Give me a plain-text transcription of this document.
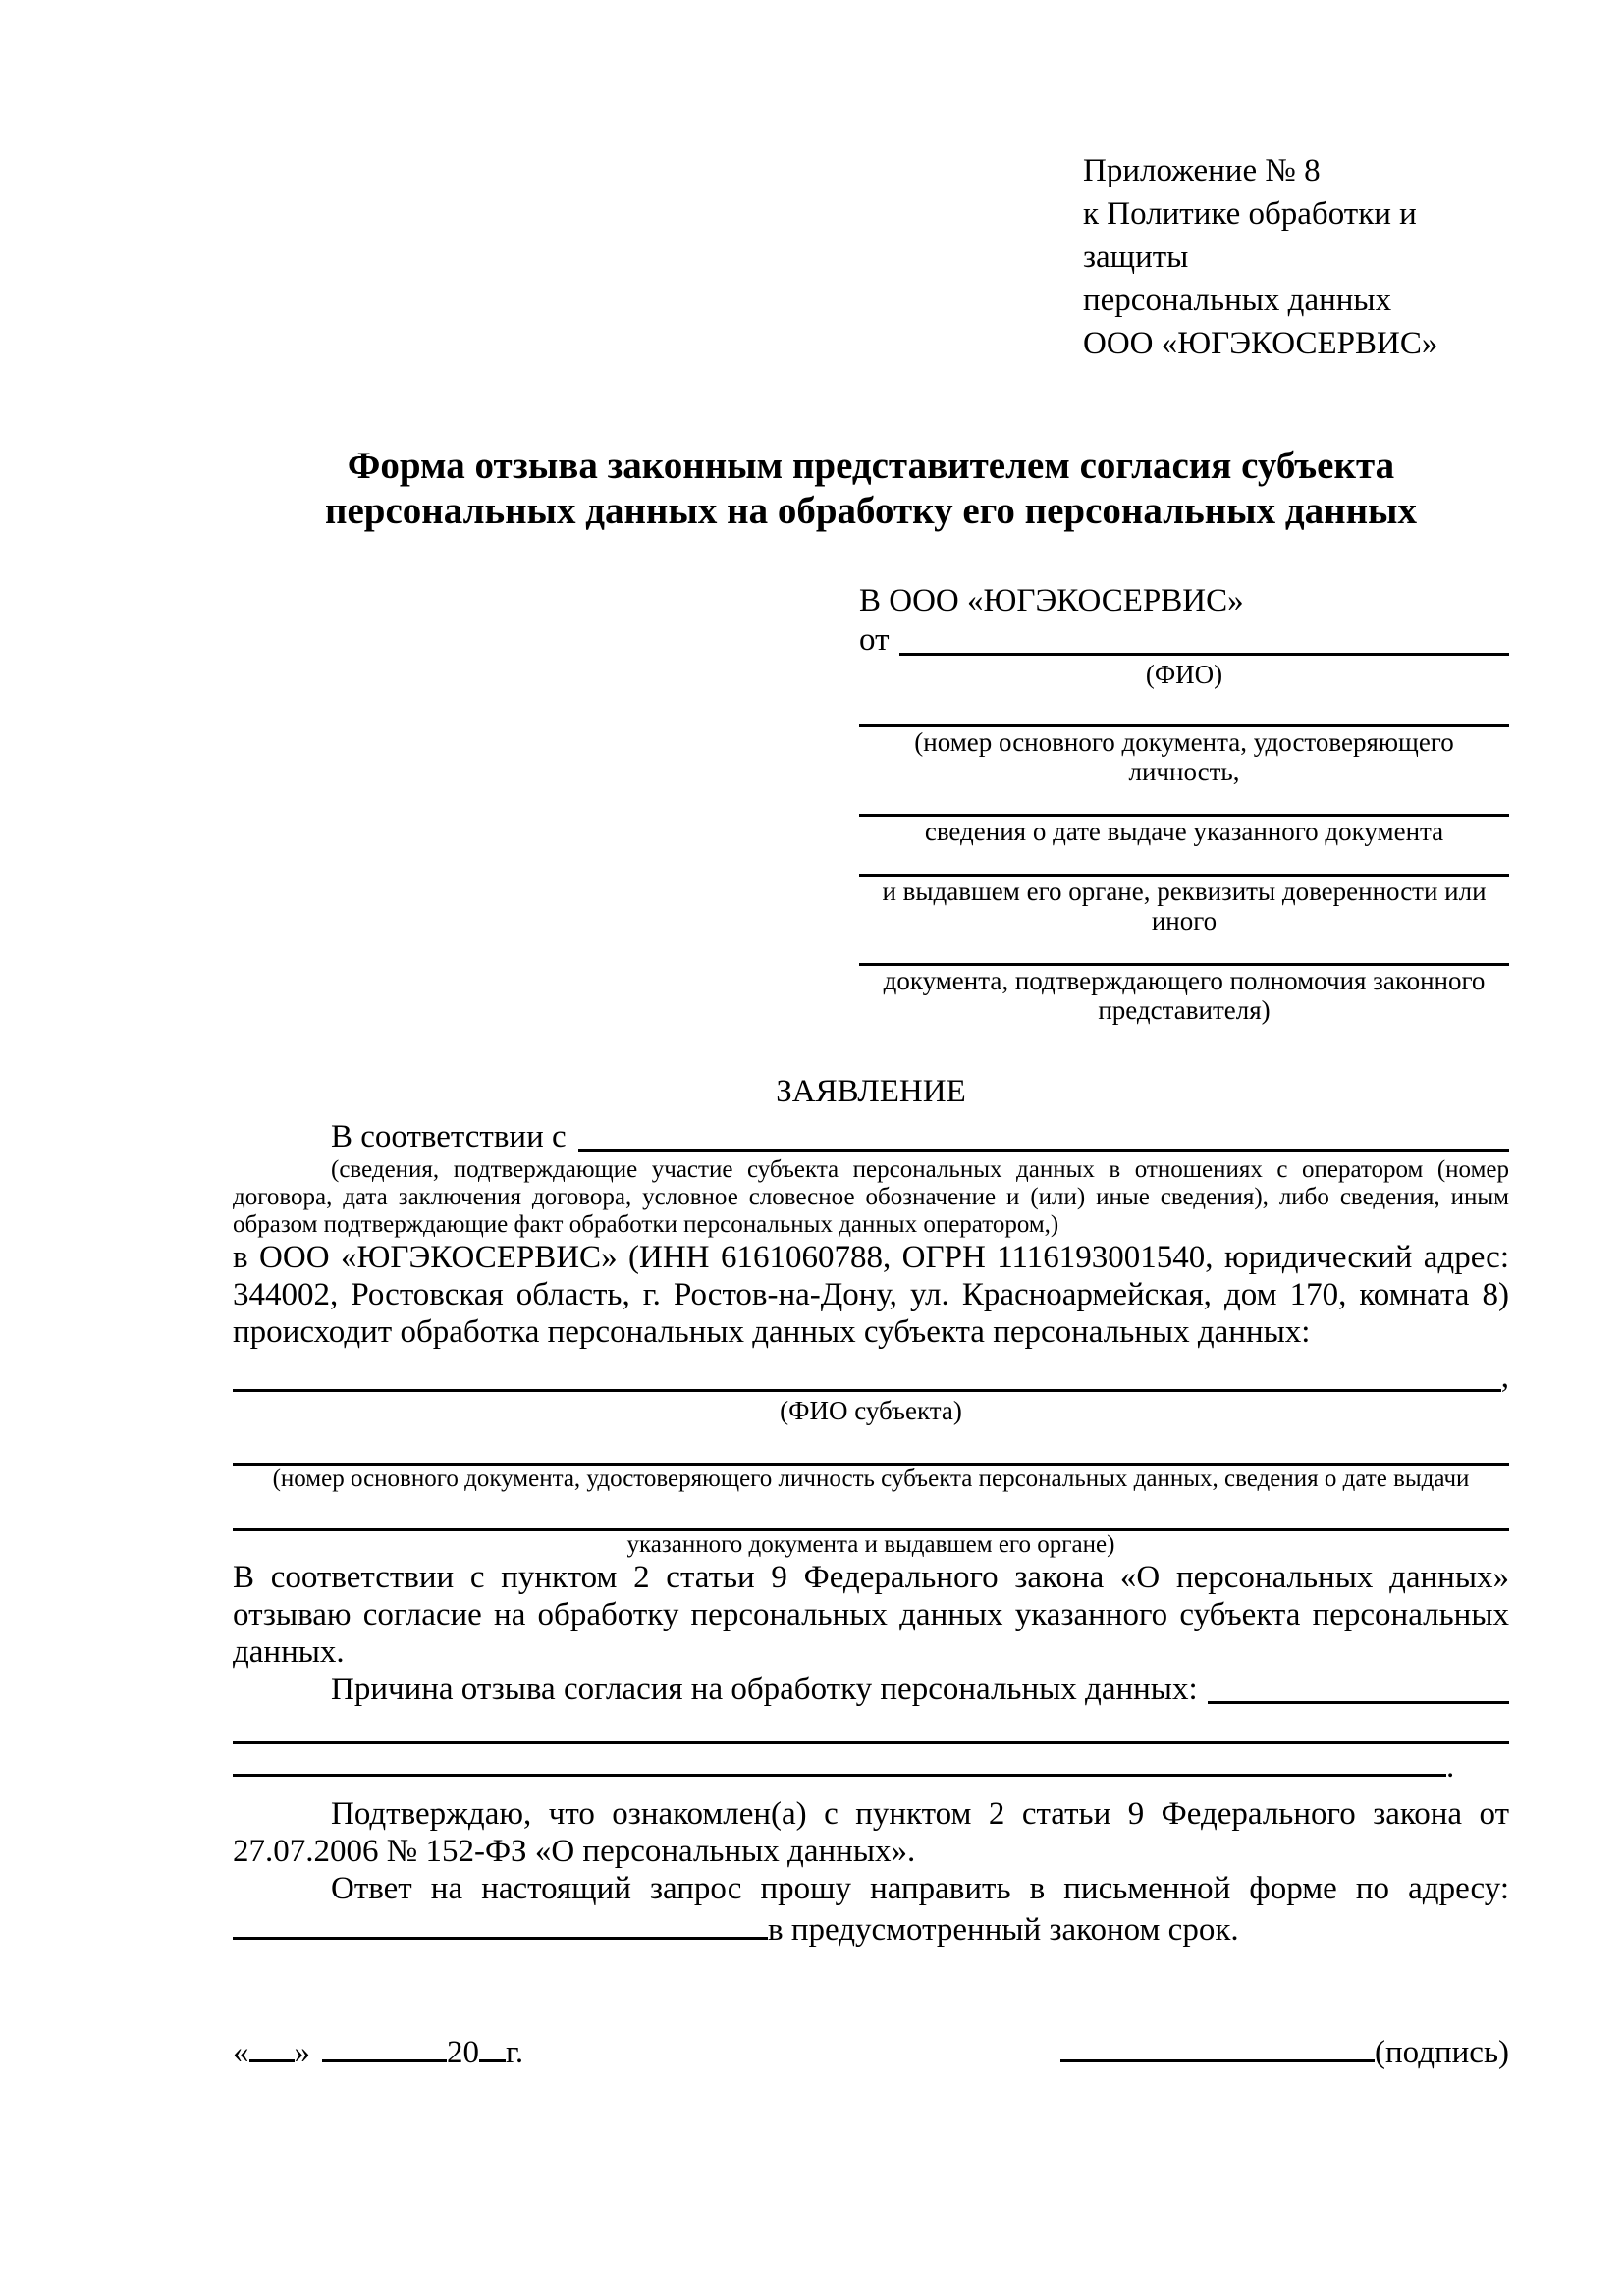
Приложение № 8
к Политике обработки и защиты
персональных данных
ООО «ЮГЭКОСЕРВИС»
Форма отзыва законным представителем согласия субъекта персональных данных на обработку его персональных данных
В ООО «ЮГЭКОСЕРВИС»
от
(ФИО)
(номер основного документа, удостоверяющего личность,
сведения о дате выдаче указанного документа
и выдавшем его органе, реквизиты доверенности или иного
документа, подтверждающего полномочия законного представителя)
ЗАЯВЛЕНИЕ
В соответствии с
(сведения, подтверждающие участие субъекта персональных данных в отношениях с оператором (номер договора, дата заключения договора, условное словесное обозначение и (или) иные сведения), либо сведения, иным образом подтверждающие факт обработки персональных данных оператором,)
в ООО «ЮГЭКОСЕРВИС» (ИНН 6161060788, ОГРН 1116193001540, юридический адрес: 344002, Ростовская область, г. Ростов-на-Дону, ул. Красноармейская, дом 170, комната 8) происходит обработка персональных данных субъекта персональных данных:
,
(ФИО субъекта)
(номер основного документа, удостоверяющего личность субъекта персональных данных, сведения о дате выдачи
указанного документа и выдавшем его органе)
В соответствии с пунктом 2 статьи 9 Федерального закона «О персональных данных» отзываю согласие на обработку персональных данных указанного субъекта персональных данных.
Причина отзыва согласия на обработку персональных данных:
.
Подтверждаю, что ознакомлен(а) с пунктом 2 статьи 9 Федерального закона от 27.07.2006 № 152-ФЗ «О персональных данных».
Ответ на настоящий запрос прошу направить в письменной форме по адресу:
в предусмотренный законом срок.
« »	20 г.	(подпись)
